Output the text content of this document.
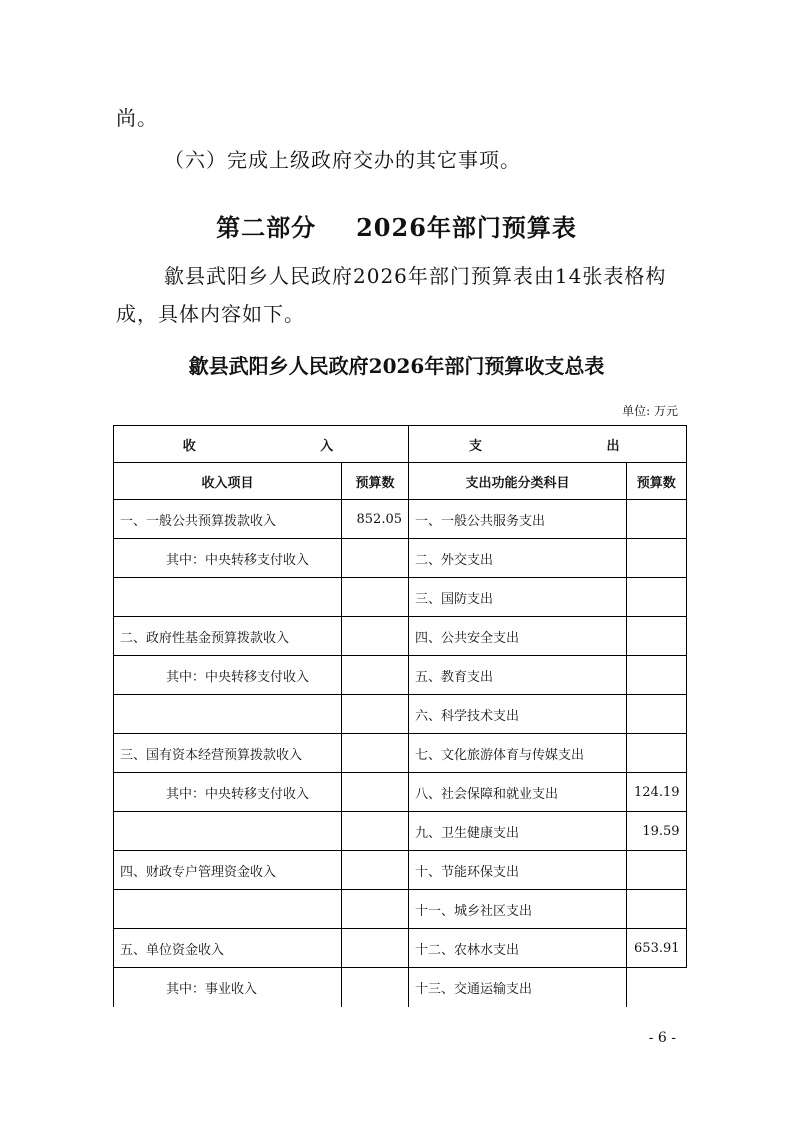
尚。

（六）完成上级政府交办的其它事项。

第二部分 2026年部门预算表

歙县武阳乡人民政府2026年部门预算表由14张表格构

成，具体内容如下。

歙县武阳乡人民政府2026年部门预算收支总表

单位: 万元

收 入		支 出	
收入项目	预算数	支出功能分类科目	预算数
一、一般公共预算拨款收入	852.05	一、一般公共服务支出	
其中：中央转移支付收入		二、外交支出	
		三、国防支出	
二、政府性基金预算拨款收入		四、公共安全支出	
其中：中央转移支付收入		五、教育支出	
		六、科学技术支出	
三、国有资本经营预算拨款收入		七、文化旅游体育与传媒支出	
其中：中央转移支付收入		八、社会保障和就业支出	124.19
		九、卫生健康支出	19.59
四、财政专户管理资金收入		十、节能环保支出	
		十一、城乡社区支出	
五、单位资金收入		十二、农林水支出	653.91
其中：事业收入		十三、交通运输支出	

- 6 -
